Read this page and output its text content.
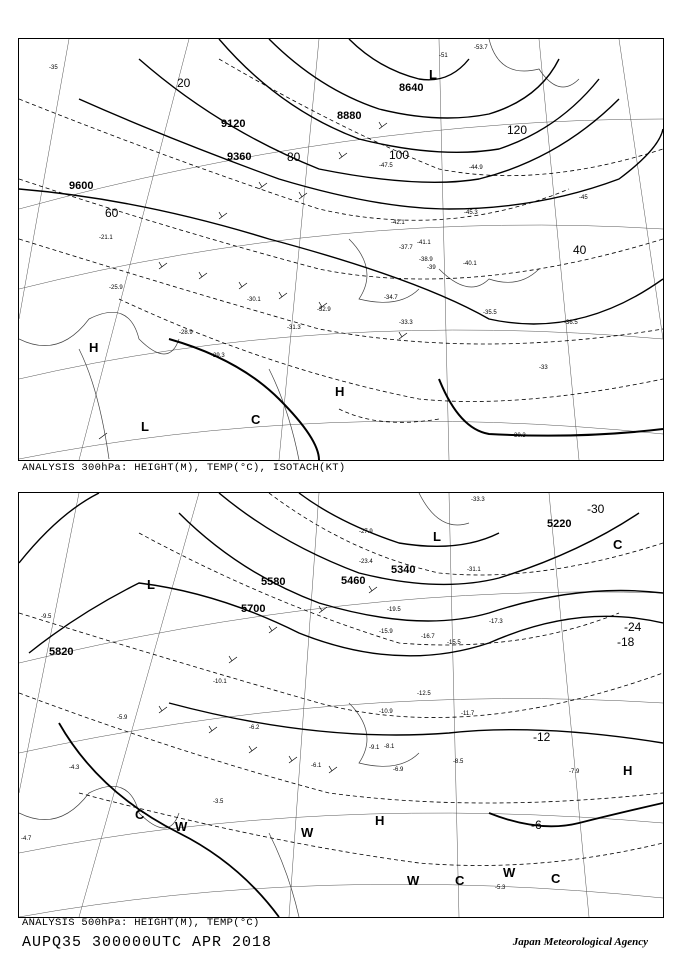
9600
9360
9120
8880
8640
20
40
60
80	100
120
L
H
H
L	C
-53.7
-51
-47.5
-45.3
-44.9
-42.1
-41.1
-40.1
-39
-38.9
-37.7
-36.5
-35.5
-33.3
-32.9
-30.1
-30.3
-29.3
-28.9
-31.3
-34.7
-25.9
-21.1
-33
-35
-45
ANALYSIS 300hPa: HEIGHT(M), TEMP(°C), ISOTACH(KT)
5820
5700
5580	5460
5340
5220
-30
-24
-18
-12
-6
L
L
H
H
C
C
W	W
W
W
C	C
-33.3
-31.1
-27.9
-23.4
-19.5
-17.3
-16.7
-15.5
-15.9
-12.5
-11.7
-10.9
-9.5
-8.5
-8.1
-7.9
-6.9
-5.3
-4.7
-4.3
-3.5
-6.2
-5.9
-6.1
-9.1
-10.1
ANALYSIS 500hPa: HEIGHT(M), TEMP(°C)
AUPQ35 300000UTC APR 2018	Japan Meteorological Agency
